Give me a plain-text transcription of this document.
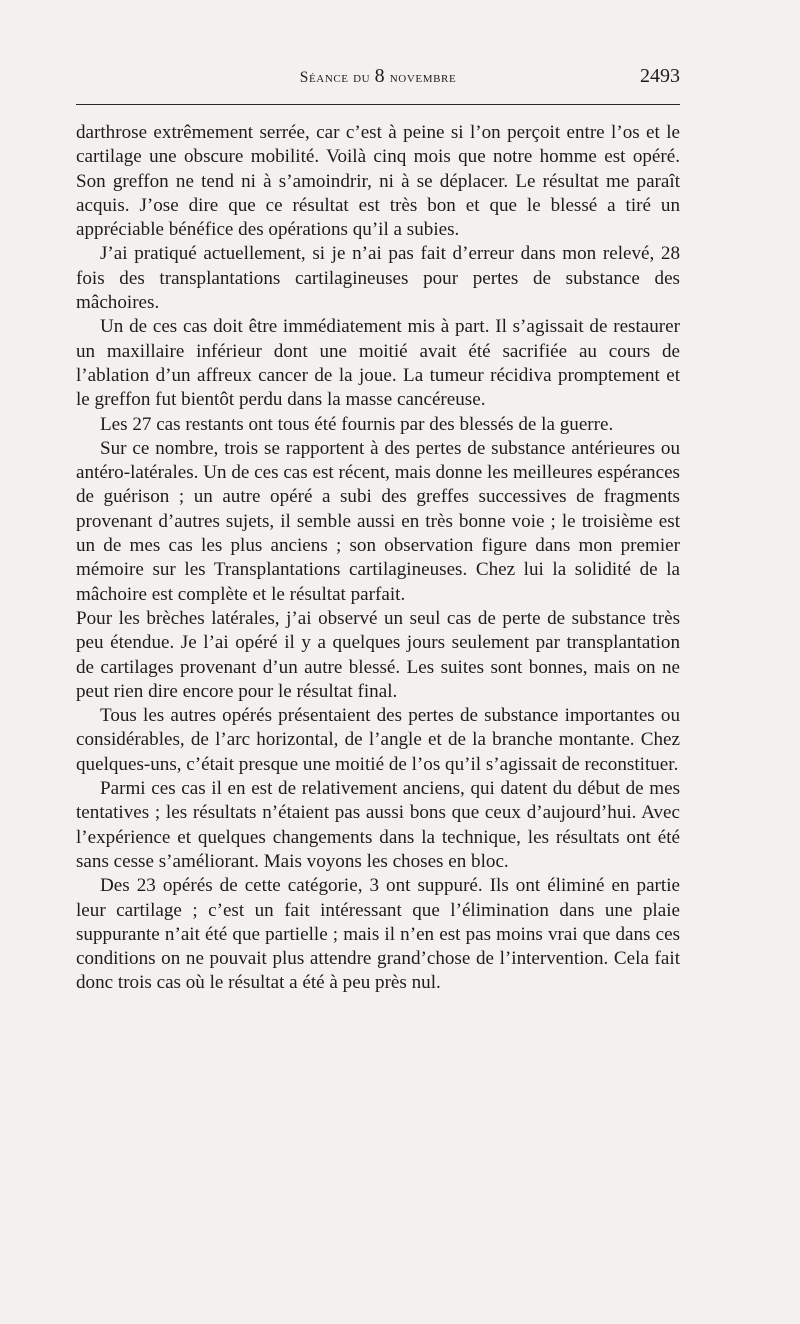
Séance du 8 novembre	2493

darthrose extrêmement serrée, car c’est à peine si l’on perçoit entre l’os et le cartilage une obscure mobilité. Voilà cinq mois que notre homme est opéré. Son greffon ne tend ni à s’amoindrir, ni à se déplacer. Le résultat me paraît acquis. J’ose dire que ce résultat est très bon et que le blessé a tiré un appréciable bénéfice des opérations qu’il a subies.

J’ai pratiqué actuellement, si je n’ai pas fait d’erreur dans mon relevé, 28 fois des transplantations cartilagineuses pour pertes de substance des mâchoires.

Un de ces cas doit être immédiatement mis à part. Il s’agissait de restaurer un maxillaire inférieur dont une moitié avait été sacrifiée au cours de l’ablation d’un affreux cancer de la joue. La tumeur récidiva promptement et le greffon fut bientôt perdu dans la masse cancéreuse.

Les 27 cas restants ont tous été fournis par des blessés de la guerre.

Sur ce nombre, trois se rapportent à des pertes de substance antérieures ou antéro-latérales. Un de ces cas est récent, mais donne les meilleures espérances de guérison ; un autre opéré a subi des greffes successives de fragments provenant d’autres sujets, il semble aussi en très bonne voie ; le troisième est un de mes cas les plus anciens ; son observation figure dans mon premier mémoire sur les Transplantations cartilagineuses. Chez lui la solidité de la mâchoire est complète et le résultat parfait.

Pour les brèches latérales, j’ai observé un seul cas de perte de substance très peu étendue. Je l’ai opéré il y a quelques jours seulement par transplantation de cartilages provenant d’un autre blessé. Les suites sont bonnes, mais on ne peut rien dire encore pour le résultat final.

Tous les autres opérés présentaient des pertes de substance importantes ou considérables, de l’arc horizontal, de l’angle et de la branche montante. Chez quelques-uns, c’était presque une moitié de l’os qu’il s’agissait de reconstituer.

Parmi ces cas il en est de relativement anciens, qui datent du début de mes tentatives ; les résultats n’étaient pas aussi bons que ceux d’aujourd’hui. Avec l’expérience et quelques changements dans la technique, les résultats ont été sans cesse s’améliorant. Mais voyons les choses en bloc.

Des 23 opérés de cette catégorie, 3 ont suppuré. Ils ont éliminé en partie leur cartilage ; c’est un fait intéressant que l’élimination dans une plaie suppurante n’ait été que partielle ; mais il n’en est pas moins vrai que dans ces conditions on ne pouvait plus attendre grand’chose de l’intervention. Cela fait donc trois cas où le résultat a été à peu près nul.
